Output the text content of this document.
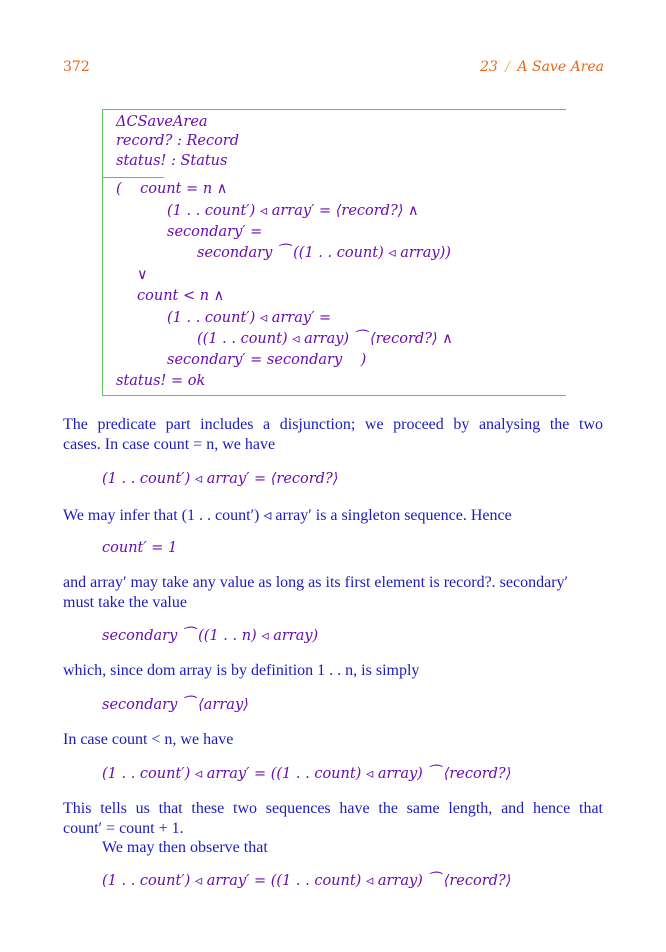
372	23 / A Save Area
ΔCSaveArea
record? : Record
status! : Status
(    count = n ∧
(1 . . count′) ◃ array′ = ⟨record?⟩ ∧
secondary′ =
secondary ⁀ ((1 . . count) ◃ array))
∨
count < n ∧
(1 . . count′) ◃ array′ =
((1 . . count) ◃ array) ⁀ ⟨record?⟩ ∧
secondary′ = secondary    )
status! = ok
The predicate part includes a disjunction; we proceed by analysing the two
cases. In case count = n, we have
(1 . . count′) ◃ array′ = ⟨record?⟩
We may infer that (1 . . count′) ◃ array′ is a singleton sequence. Hence
count′ = 1
and array′ may take any value as long as its first element is record?. secondary′
must take the value
secondary ⁀ ((1 . . n) ◃ array)
which, since dom array is by definition 1 . . n, is simply
secondary ⁀ ⟨array⟩
In case count < n, we have
(1 . . count′) ◃ array′ = ((1 . . count) ◃ array) ⁀ ⟨record?⟩
This tells us that these two sequences have the same length, and hence that
count′ = count + 1.
We may then observe that
(1 . . count′) ◃ array′ = ((1 . . count) ◃ array) ⁀ ⟨record?⟩
